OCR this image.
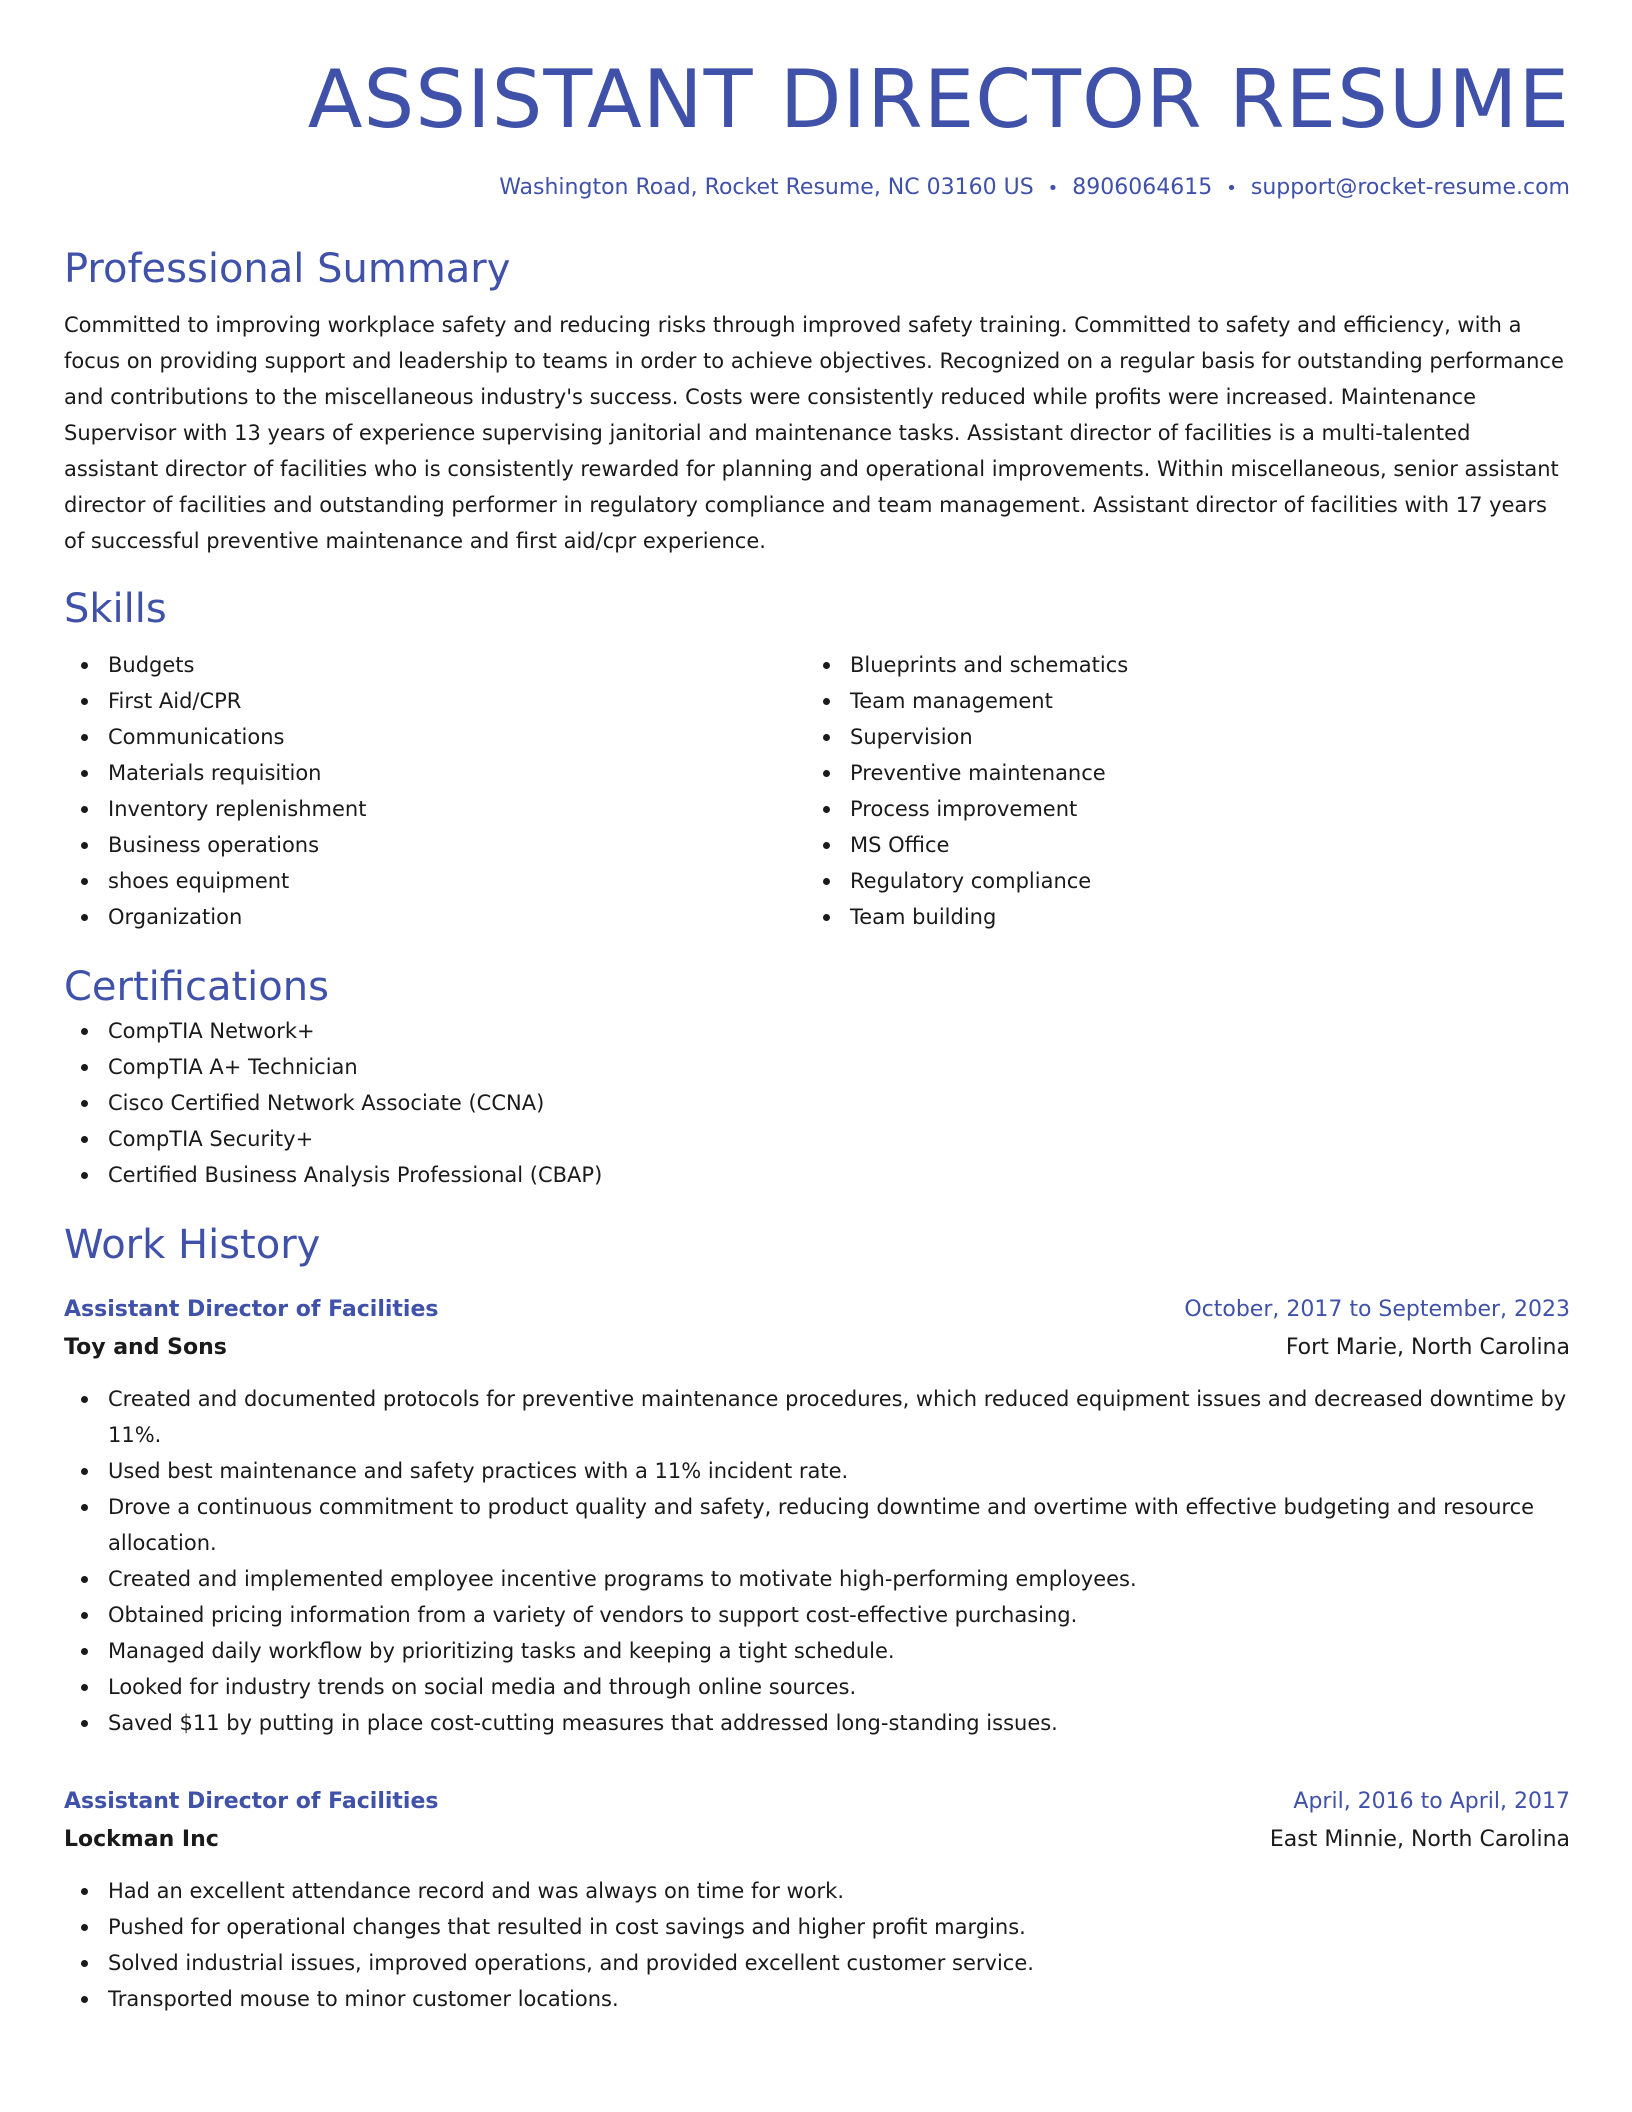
ASSISTANT DIRECTOR RESUME
Washington Road, Rocket Resume, NC 03160 US • 8906064615 • support@rocket-resume.com
Professional Summary

Committed to improving workplace safety and reducing risks through improved safety training. Committed to safety and efficiency, with a focus on providing support and leadership to teams in order to achieve objectives. Recognized on a regular basis for outstanding performance and contributions to the miscellaneous industry's success. Costs were consistently reduced while profits were increased. Maintenance Supervisor with 13 years of experience supervising janitorial and maintenance tasks. Assistant director of facilities is a multi-talented assistant director of facilities who is consistently rewarded for planning and operational improvements. Within miscellaneous, senior assistant director of facilities and outstanding performer in regulatory compliance and team management. Assistant director of facilities with 17 years of successful preventive maintenance and first aid/cpr experience.

Skills
Budgets
First Aid/CPR
Communications
Materials requisition
Inventory replenishment
Business operations
shoes equipment
Organization
Blueprints and schematics
Team management
Supervision
Preventive maintenance
Process improvement
MS Office
Regulatory compliance
Team building
Certifications
CompTIA Network+
CompTIA A+ Technician
Cisco Certified Network Associate (CCNA)
CompTIA Security+
Certified Business Analysis Professional (CBAP)
Work History
Assistant Director of Facilities	October, 2017 to September, 2023
Toy and Sons	Fort Marie, North Carolina
Created and documented protocols for preventive maintenance procedures, which reduced equipment issues and decreased downtime by 11%.
Used best maintenance and safety practices with a 11% incident rate.
Drove a continuous commitment to product quality and safety, reducing downtime and overtime with effective budgeting and resource allocation.
Created and implemented employee incentive programs to motivate high-performing employees.
Obtained pricing information from a variety of vendors to support cost-effective purchasing.
Managed daily workflow by prioritizing tasks and keeping a tight schedule.
Looked for industry trends on social media and through online sources.
Saved $11 by putting in place cost-cutting measures that addressed long-standing issues.
Assistant Director of Facilities	April, 2016 to April, 2017
Lockman Inc	East Minnie, North Carolina
Had an excellent attendance record and was always on time for work.
Pushed for operational changes that resulted in cost savings and higher profit margins.
Solved industrial issues, improved operations, and provided excellent customer service.
Transported mouse to minor customer locations.
